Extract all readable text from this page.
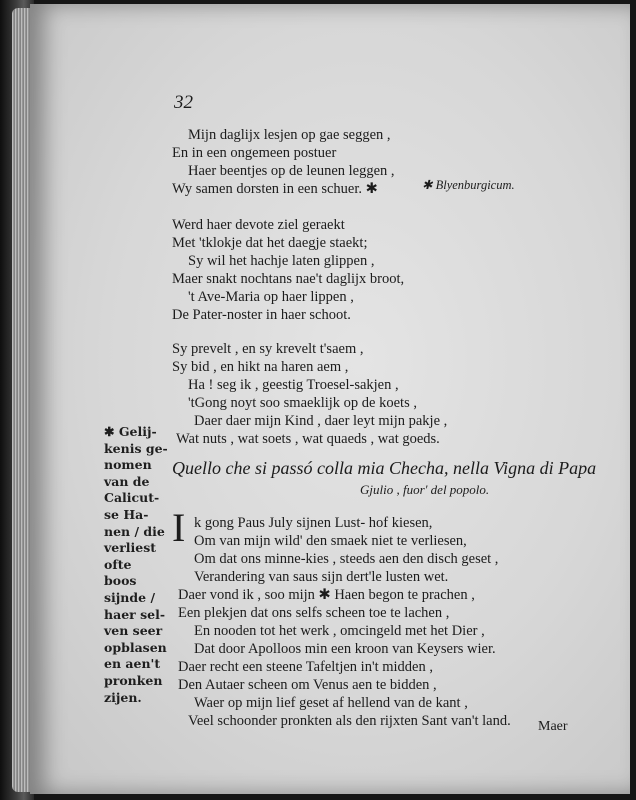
32
Mijn daglijx lesjen op gae seggen ,
En in een ongemeen postuer
Haer beentjes op de leunen leggen ,
Wy samen dorsten in een schuer. ✱	✱ Blyenburgicum.
Werd haer devote ziel geraekt
Met 'tklokje dat het daegje staekt;
Sy wil het hachje laten glippen ,
Maer snakt nochtans nae't daglijx broot,
't Ave-Maria op haer lippen ,
De Pater-noster in haer schoot.
Sy prevelt , en sy krevelt t'saem ,
Sy bid , en hikt na haren aem ,
Ha ! seg ik , geestig Troesel-sakjen ,
'tGong noyt soo smaeklijk op de koets ,
Daer daer mijn Kind , daer leyt mijn pakje ,
Wat nuts , wat soets , wat quaeds , wat goeds.
✱ Gelij-
kenis ge-
nomen
van de
Calicut-
se Ha-
nen / die
verliest
ofte
boos
sijnde /
haer sel-
ven seer
opblasen
en aen't
pronken
zijen.
Quello che si passó colla mia Checha, nella Vigna di Papa
Gjulio , fuor' del popolo.
I k gong Paus July sijnen Lust- hof kiesen,
Om van mijn wild' den smaek niet te verliesen,
Om dat ons minne-kies , steeds aen den disch geset ,
Verandering van saus sijn dert'le lusten wet.
Daer vond ik , soo mijn ✱ Haen begon te prachen ,
Een plekjen dat ons selfs scheen toe te lachen ,
En nooden tot het werk , omcingeld met het Dier ,
Dat door Apolloos min een kroon van Keysers wier.
Daer recht een steene Tafeltjen in't midden ,
Den Autaer scheen om Venus aen te bidden ,
Waer op mijn lief geset af hellend van de kant ,
Veel schoonder pronkten als den rijxten Sant van't land. Maer
